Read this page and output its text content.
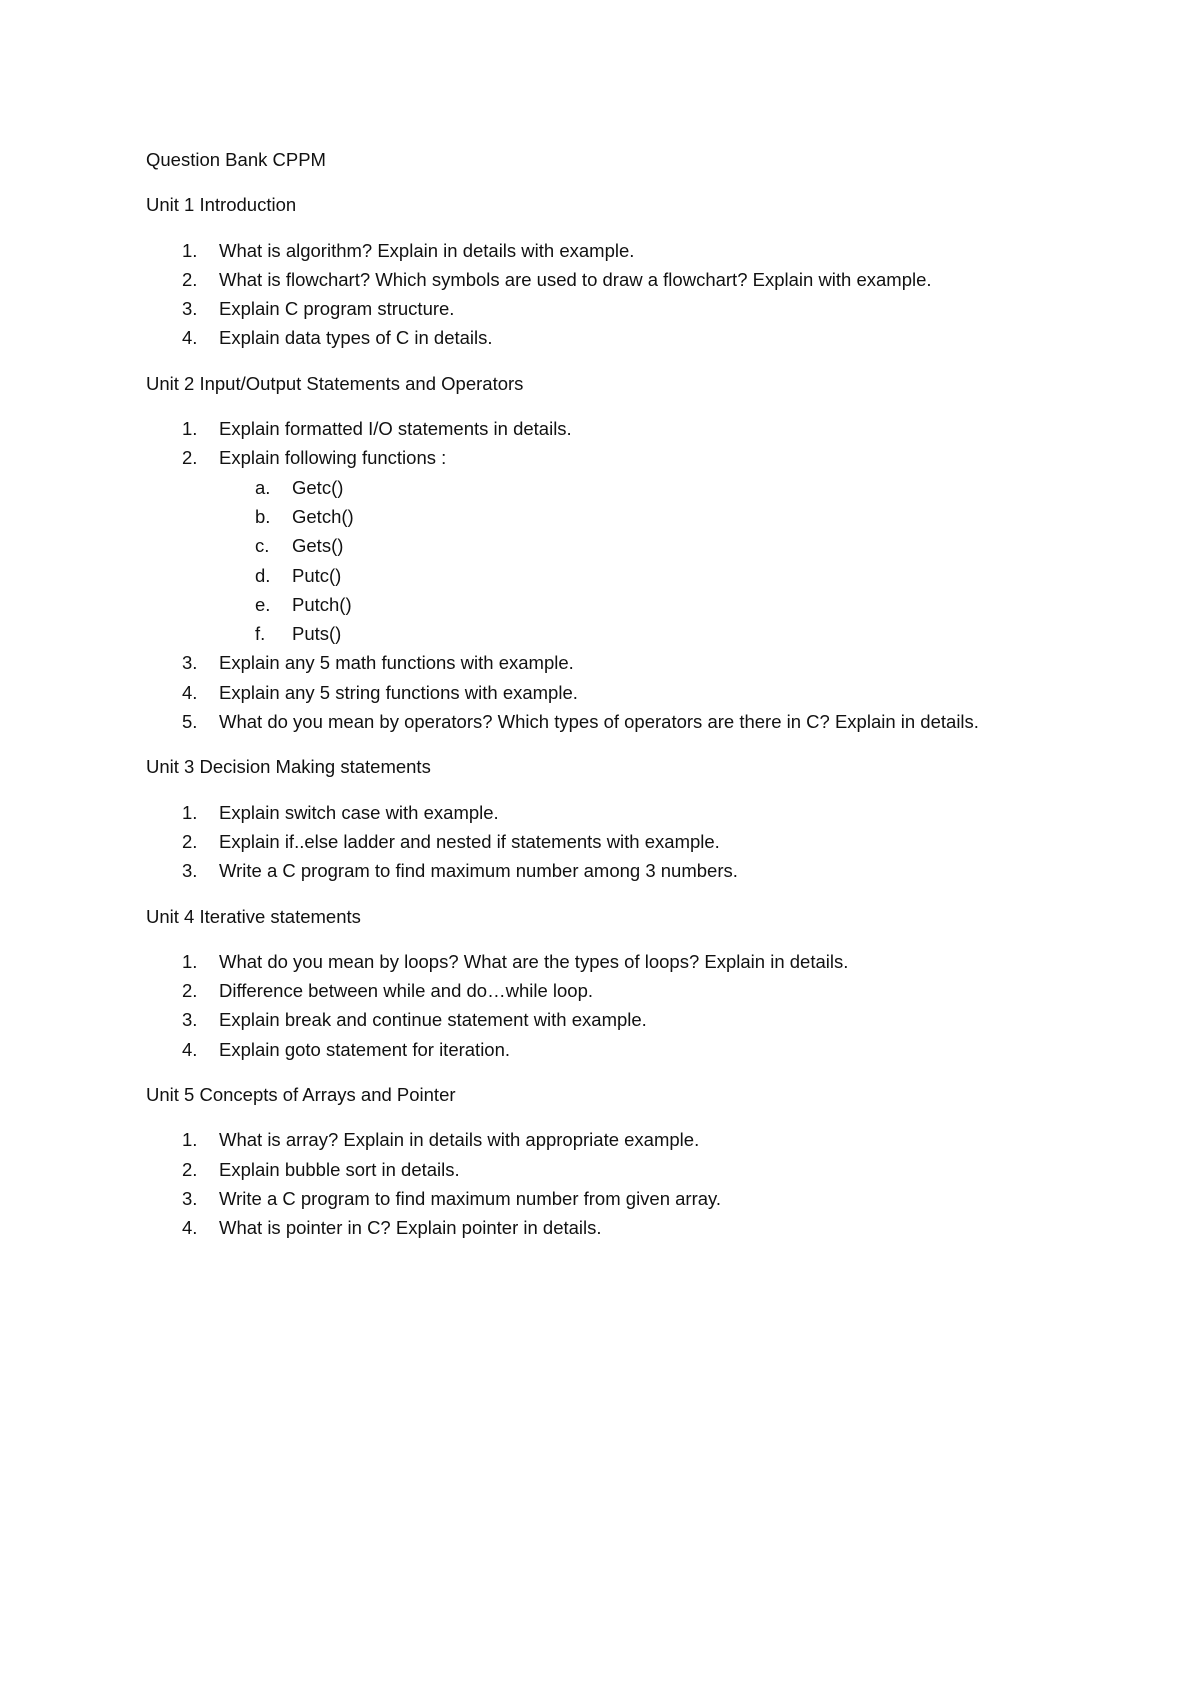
Question Bank CPPM

Unit 1 Introduction

1. What is algorithm? Explain in details with example.
2. What is flowchart? Which symbols are used to draw a flowchart? Explain with example.
3. Explain C program structure.
4. Explain data types of C in details.

Unit 2 Input/Output Statements and Operators

1. Explain formatted I/O statements in details.
2. Explain following functions :
a. Getc()
b. Getch()
c. Gets()
d. Putc()
e. Putch()
f. Puts()
3. Explain any 5 math functions with example.
4. Explain any 5 string functions with example.
5. What do you mean by operators? Which types of operators are there in C? Explain in details.

Unit 3 Decision Making statements

1. Explain switch case with example.
2. Explain if..else ladder and nested if statements with example.
3. Write a C program to find maximum number among 3 numbers.

Unit 4 Iterative statements

1. What do you mean by loops? What are the types of loops? Explain in details.
2. Difference between while and do…while loop.
3. Explain break and continue statement with example.
4. Explain goto statement for iteration.

Unit 5 Concepts of Arrays and Pointer

1. What is array? Explain in details with appropriate example.
2. Explain bubble sort in details.
3. Write a C program to find maximum number from given array.
4. What is pointer in C? Explain pointer in details.
